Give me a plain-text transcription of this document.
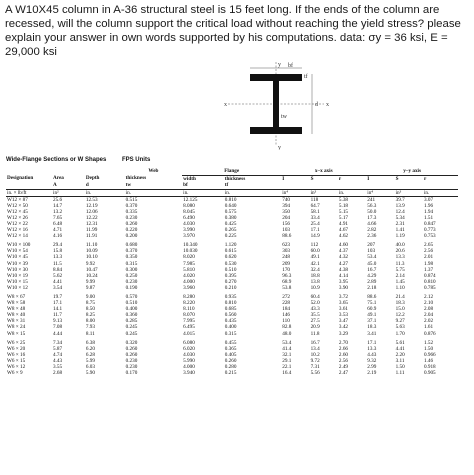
A W10X45 column in A-36 structural steel is 15 feet long. If the ends of the column are recessed, will the column support the critical load without reaching the yield stress? please explain your answer in own words supported by his computations. data: σy = 36 ksi, E = 29,000 ksi
y
y
x	x
d
bf
tf
tw
Wide-Flange Sections or W Shapes	FPS Units
			Web	Flange		x–x axis			y–y axis		
Designation	Area	Depth	thickness	width	thickness	I	S	r	I	S	r
	A	d	tw	bf	tf						
in. × lb/ft	in²	in.	in.	in.	in.	in⁴	in³	in.	in⁴	in³	in.
W12 × 87	25.6	12.53	0.515	12.125	0.810	740	118	5.38	241	39.7	3.07
W12 × 50	14.7	12.19	0.370	8.080	0.640	394	64.7	5.18	56.3	13.9	1.96
W12 × 45	13.2	12.06	0.335	8.045	0.575	350	58.1	5.15	50.0	12.4	1.94
W12 × 26	7.65	12.22	0.230	6.490	0.380	204	33.4	5.17	17.3	5.34	1.51
W12 × 22	6.48	12.31	0.260	4.030	0.425	156	25.4	4.91	4.66	2.31	0.847
W12 × 16	4.71	11.99	0.220	3.990	0.265	103	17.1	4.67	2.82	1.41	0.773
W12 × 14	4.16	11.91	0.200	3.970	0.225	88.6	14.9	4.62	2.36	1.19	0.753

W10 × 100	29.4	11.10	0.680	10.340	1.120	623	112	4.60	207	40.0	2.65
W10 × 54	15.8	10.09	0.370	10.030	0.615	303	60.0	4.37	103	20.6	2.56
W10 × 45	13.3	10.10	0.350	8.020	0.620	248	49.1	4.32	53.4	13.3	2.01
W10 × 39	11.5	9.92	0.315	7.985	0.530	209	42.1	4.27	45.0	11.3	1.98
W10 × 30	8.84	10.47	0.300	5.810	0.510	170	32.4	4.38	16.7	5.75	1.37
W10 × 19	5.62	10.24	0.250	4.020	0.395	96.3	18.8	4.14	4.29	2.14	0.874
W10 × 15	4.41	9.99	0.230	4.000	0.270	68.9	13.8	3.95	2.89	1.45	0.810
W10 × 12	3.54	9.87	0.190	3.960	0.210	53.8	10.9	3.90	2.18	1.10	0.785

W8 × 67	19.7	9.00	0.570	8.280	0.935	272	60.4	3.72	88.6	21.4	2.12
W8 × 58	17.1	8.75	0.510	8.220	0.810	228	52.0	3.65	75.1	18.3	2.10
W8 × 48	14.1	8.50	0.400	8.110	0.685	184	43.3	3.61	60.9	15.0	2.08
W8 × 40	11.7	8.25	0.360	8.070	0.560	146	35.5	3.53	49.1	12.2	2.04
W8 × 31	9.13	8.00	0.285	7.995	0.435	110	27.5	3.47	37.1	9.27	2.02
W8 × 24	7.08	7.93	0.245	6.495	0.400	82.8	20.9	3.42	18.3	5.63	1.61
W8 × 15	4.44	8.11	0.245	4.015	0.315	48.0	11.8	3.29	3.41	1.70	0.876

W6 × 25	7.34	6.38	0.320	6.080	0.455	53.4	16.7	2.70	17.1	5.61	1.52
W6 × 20	5.87	6.20	0.260	6.020	0.365	41.4	13.4	2.66	13.3	4.41	1.50
W6 × 16	4.74	6.28	0.260	4.030	0.405	32.1	10.2	2.60	4.43	2.20	0.966
W6 × 15	4.43	5.99	0.230	5.990	0.260	29.1	9.72	2.56	9.32	3.11	1.46
W6 × 12	3.55	6.03	0.230	4.000	0.280	22.1	7.31	2.49	2.99	1.50	0.918
W6 × 9	2.68	5.90	0.170	3.940	0.215	16.4	5.56	2.47	2.19	1.11	0.905
